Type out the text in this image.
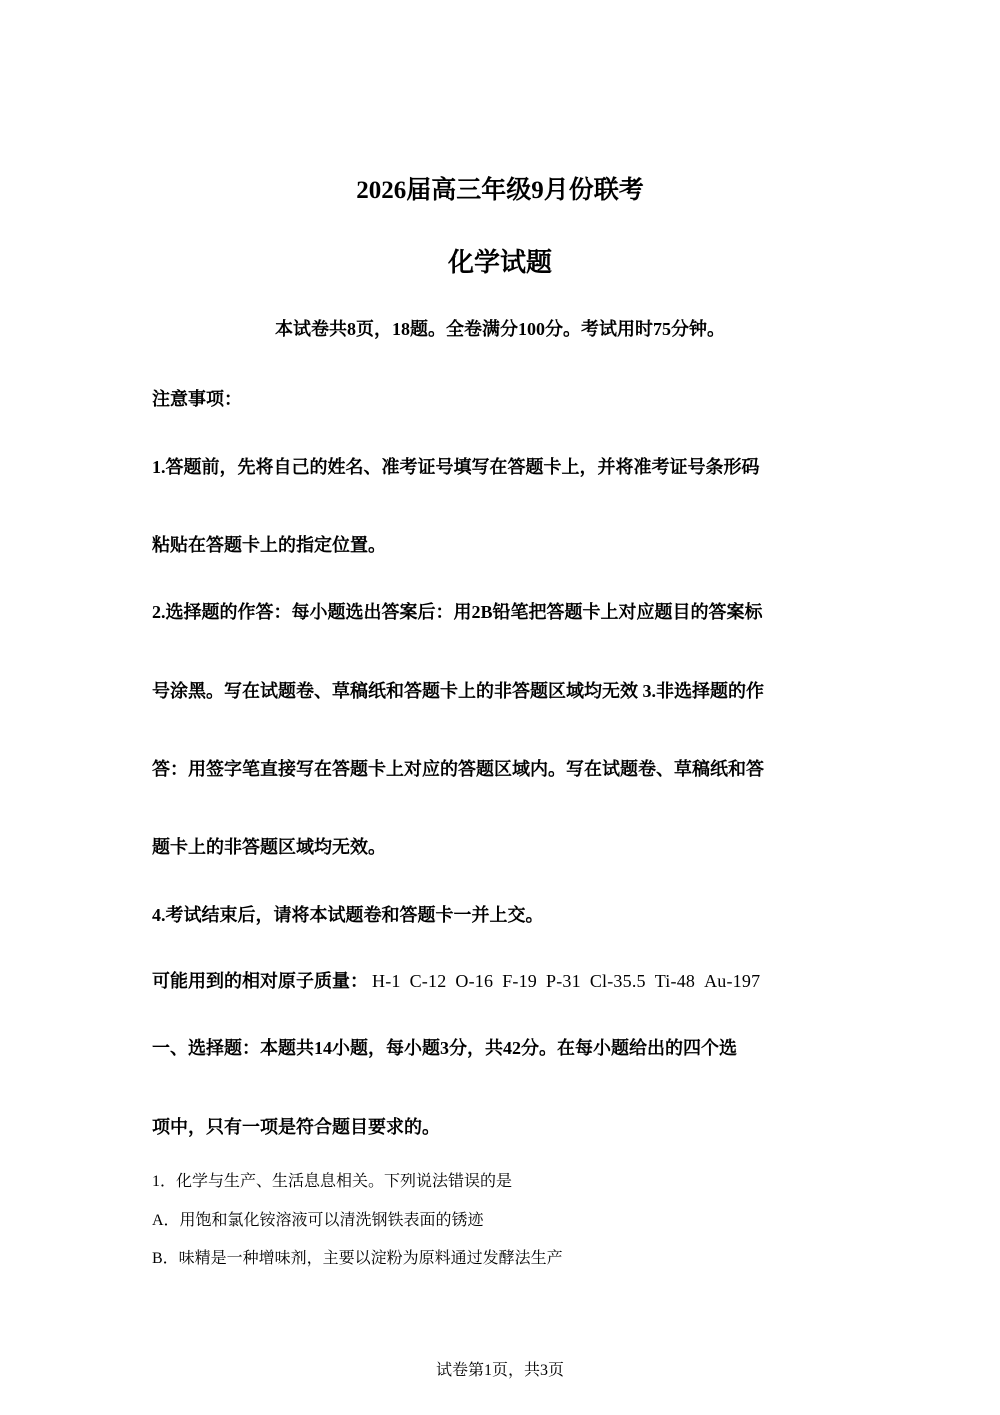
2026届高三年级9月份联考
化学试题
本试卷共8页，18题。全卷满分100分。考试用时75分钟。
注意事项：
1.答题前，先将自己的姓名、准考证号填写在答题卡上，并将准考证号条形码
粘贴在答题卡上的指定位置。
2.选择题的作答：每小题选出答案后：用2B铅笔把答题卡上对应题目的答案标
号涂黑。写在试题卷、草稿纸和答题卡上的非答题区域均无效 3.非选择题的作
答：用签字笔直接写在答题卡上对应的答题区域内。写在试题卷、草稿纸和答
题卡上的非答题区域均无效。
4.考试结束后，请将本试题卷和答题卡一并上交。
可能用到的相对原子质量： H-1 C-12 O-16 F-19 P-31 Cl-35.5 Ti-48 Au-197
一、选择题：本题共14小题，每小题3分，共42分。在每小题给出的四个选
项中，只有一项是符合题目要求的。
1．化学与生产、生活息息相关。下列说法错误的是
A．用饱和氯化铵溶液可以清洗钢铁表面的锈迹
B．味精是一种增味剂，主要以淀粉为原料通过发酵法生产
试卷第1页，共3页
